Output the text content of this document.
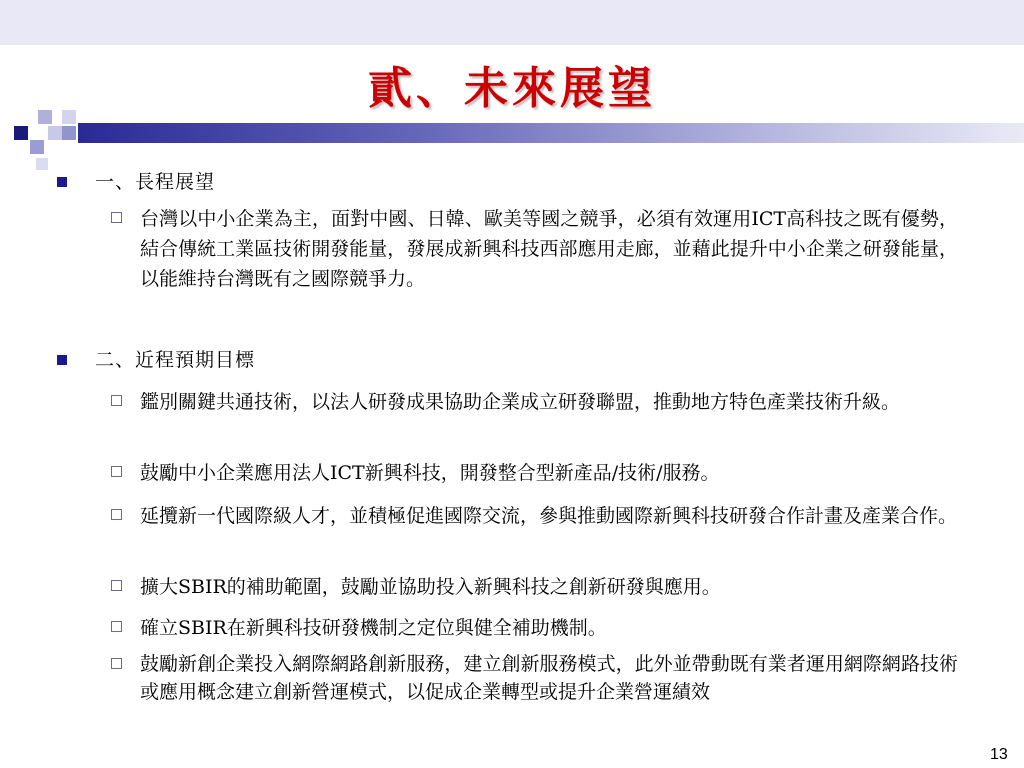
貳、未來展望
一、長程展望
台灣以中小企業為主，面對中國、日韓、歐美等國之競爭，必須有效運用ICT高科技之既有優勢，結合傳統工業區技術開發能量，發展成新興科技西部應用走廊，並藉此提升中小企業之研發能量，以能維持台灣既有之國際競爭力。
二、近程預期目標
鑑別關鍵共通技術，以法人研發成果協助企業成立研發聯盟，推動地方特色產業技術升級。
鼓勵中小企業應用法人ICT新興科技，開發整合型新產品/技術/服務。
延攬新一代國際級人才，並積極促進國際交流，參與推動國際新興科技研發合作計畫及產業合作。
擴大SBIR的補助範圍，鼓勵並協助投入新興科技之創新研發與應用。
確立SBIR在新興科技研發機制之定位與健全補助機制。
鼓勵新創企業投入網際網路創新服務，建立創新服務模式，此外並帶動既有業者運用網際網路技術或應用概念建立創新營運模式，以促成企業轉型或提升企業營運績效
13
